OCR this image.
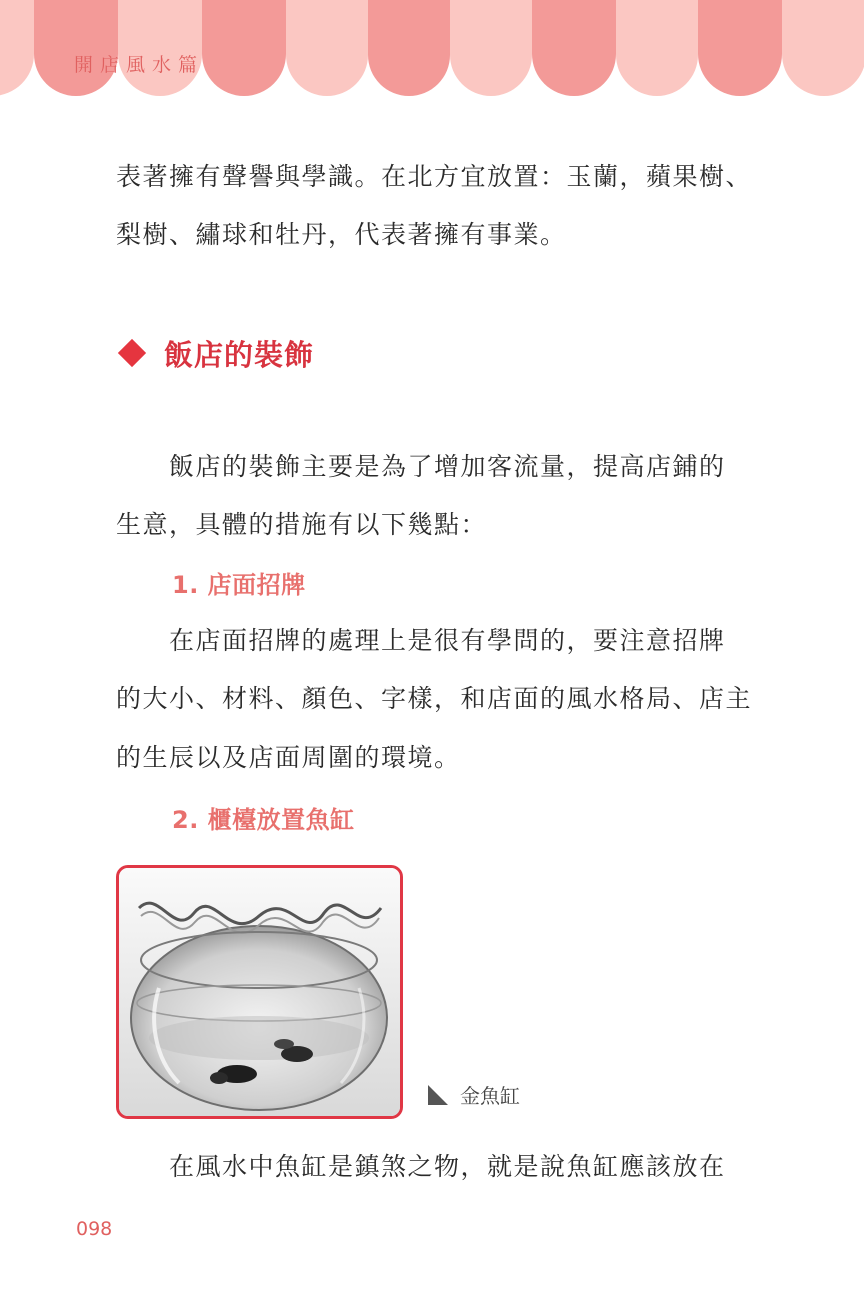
開店風水篇

表著擁有聲譽與學識。在北方宜放置：玉蘭，蘋果樹、

梨樹、繡球和牡丹，代表著擁有事業。

飯店的裝飾

　　飯店的裝飾主要是為了增加客流量，提高店鋪的

生意，具體的措施有以下幾點：

1. 店面招牌

　　在店面招牌的處理上是很有學問的，要注意招牌

的大小、材料、顏色、字樣，和店面的風水格局、店主

的生辰以及店面周圍的環境。

2. 櫃檯放置魚缸
金魚缸

　　在風水中魚缸是鎮煞之物，就是說魚缸應該放在

098
